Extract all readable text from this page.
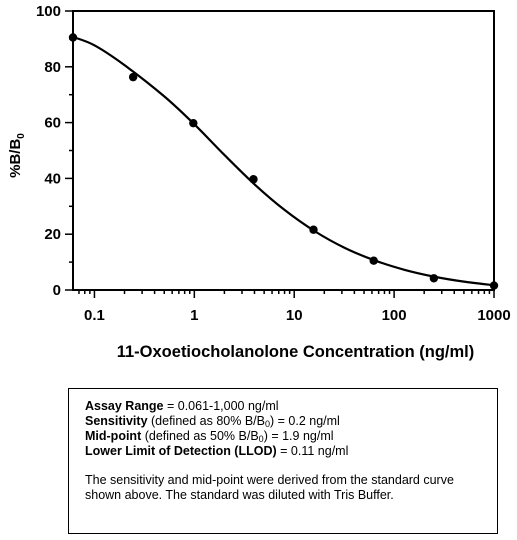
0.1	1	10	100	1000
0
20
40
60
80
100
11-Oxoetiocholanolone Concentration (ng/ml)
$\%B/B_0$

Assay Range = 0.061-1,000 ng/ml

Sensitivity (defined as 80% $B/B_0) = 0.2$ ng/ml

Mid-point (defined as 50% $B/B_0) = 1.9$ ng/ml

Lower Limit of Detection (LLOD) = 0.11 ng/ml

The sensitivity and mid-point were derived from the standard curve shown above. The standard was diluted with Tris Buffer.
